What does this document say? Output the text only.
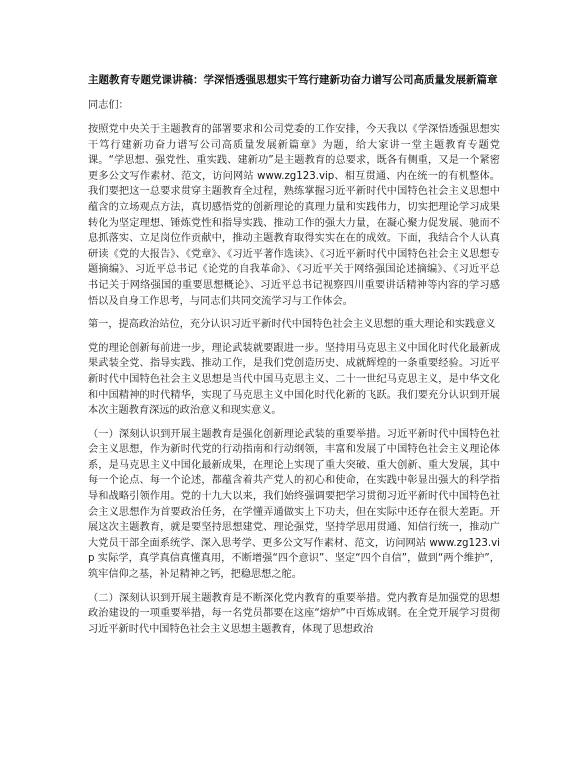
主题教育专题党课讲稿：学深悟透强思想实干笃行建新功奋力谱写公司高质量发展新篇章

同志们：

按照党中央关于主题教育的部署要求和公司党委的工作安排，今天我以《学深悟透强思想实干笃行建新功奋力谱写公司高质量发展新篇章》为题，给大家讲一堂主题教育专题党课。“学思想、强党性、重实践、建新功”是主题教育的总要求，既各有侧重，又是一个紧密更多公文写作素材、范文，访问网站 www.zg123.vip、相互贯通、内在统一的有机整体。我们要把这一总要求贯穿主题教育全过程，熟练掌握习近平新时代中国特色社会主义思想中蕴含的立场观点方法，真切感悟党的创新理论的真理力量和实践伟力，切实把理论学习成果转化为坚定理想、锤炼党性和指导实践、推动工作的强大力量，在凝心聚力促发展、驰而不息抓落实、立足岗位作贡献中，推动主题教育取得实实在在的成效。下面，我结合个人认真研读《党的大报告》、《党章》、《习近平著作选读》、《习近平新时代中国特色社会主义思想专题摘编》、习近平总书记《论党的自我革命》、《习近平关于网络强国论述摘编》、《习近平总书记关于网络强国的重要思想概论》、习近平总书记视察四川重要讲话精神等内容的学习感悟以及自身工作思考，与同志们共同交流学习与工作体会。

第一，提高政治站位，充分认识习近平新时代中国特色社会主义思想的重大理论和实践意义

党的理论创新每前进一步，理论武装就要跟进一步。坚持用马克思主义中国化时代化最新成果武装全党、指导实践、推动工作，是我们党创造历史、成就辉煌的一条重要经验。习近平新时代中国特色社会主义思想是当代中国马克思主义、二十一世纪马克思主义，是中华文化和中国精神的时代精华，实现了马克思主义中国化时代化新的飞跃。我们要充分认识到开展本次主题教育深远的政治意义和现实意义。

（一）深刻认识到开展主题教育是强化创新理论武装的重要举措。习近平新时代中国特色社会主义思想，作为新时代党的行动指南和行动纲领，丰富和发展了中国特色社会主义理论体系，是马克思主义中国化最新成果，在理论上实现了重大突破、重大创新、重大发展，其中每一个论点、每一个论述，都蕴含着共产党人的初心和使命，在实践中彰显出强大的科学指导和战略引领作用。党的十九大以来，我们始终强调要把学习贯彻习近平新时代中国特色社会主义思想作为首要政治任务，在学懂弄通做实上下功夫，但在实际中还存在很大差距。开展这次主题教育，就是要坚持思想建党、理论强党，坚持学思用贯通、知信行统一，推动广大党员干部全面系统学、深入思考学、更多公文写作素材、范文，访问网站 www.zg123.vip 实际学，真学真信真懂真用，不断增强“四个意识”、坚定“四个自信”，做到“两个维护”，筑牢信仰之基，补足精神之钙，把稳思想之舵。

（二）深刻认识到开展主题教育是不断深化党内教育的重要举措。党内教育是加强党的思想政治建设的一项重要举措，每一名党员都要在这座“熔炉”中百炼成钢。在全党开展学习贯彻习近平新时代中国特色社会主义思想主题教育，体现了思想政治
